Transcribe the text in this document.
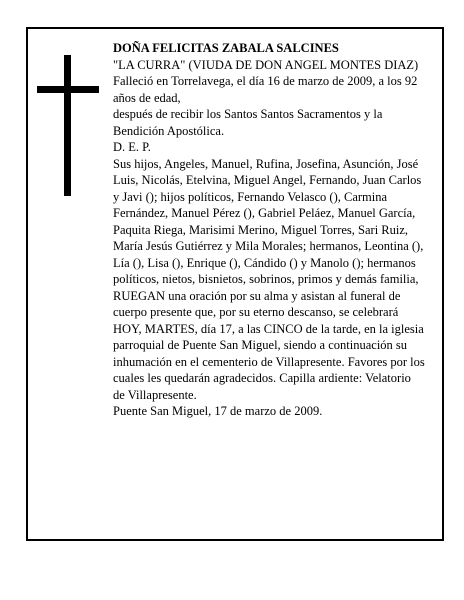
DOÑA FELICITAS ZABALA SALCINES

"LA CURRA" (VIUDA DE DON ANGEL MONTES DIAZ)

Falleció en Torrelavega, el día 16 de marzo de 2009, a los 92 años de edad,

después de recibir los Santos Santos Sacramentos y la Bendición Apostólica.

D. E. P.

Sus hijos, Angeles, Manuel, Rufina, Josefina, Asunción, José Luis, Nicolás, Etelvina, Miguel Angel, Fernando, Juan Carlos y Javi (); hijos políticos, Fernando Velasco (), Carmina Fernández, Manuel Pérez (), Gabriel Peláez, Manuel García, Paquita Riega, Marisimi Merino, Miguel Torres, Sari Ruiz, María Jesús Gutiérrez y Mila Morales; hermanos, Leontina (), Lía (), Lisa (), Enrique (), Cándido () y Manolo (); hermanos políticos, nietos, bisnietos, sobrinos, primos y demás familia,

RUEGAN una oración por su alma y asistan al funeral de cuerpo presente que, por su eterno descanso, se celebrará HOY, MARTES, día 17, a las CINCO de la tarde, en la iglesia parroquial de Puente San Miguel, siendo a continuación su inhumación en el cementerio de Villapresente. Favores por los cuales les quedarán agradecidos. Capilla ardiente: Velatorio de Villapresente.

Puente San Miguel, 17 de marzo de 2009.
